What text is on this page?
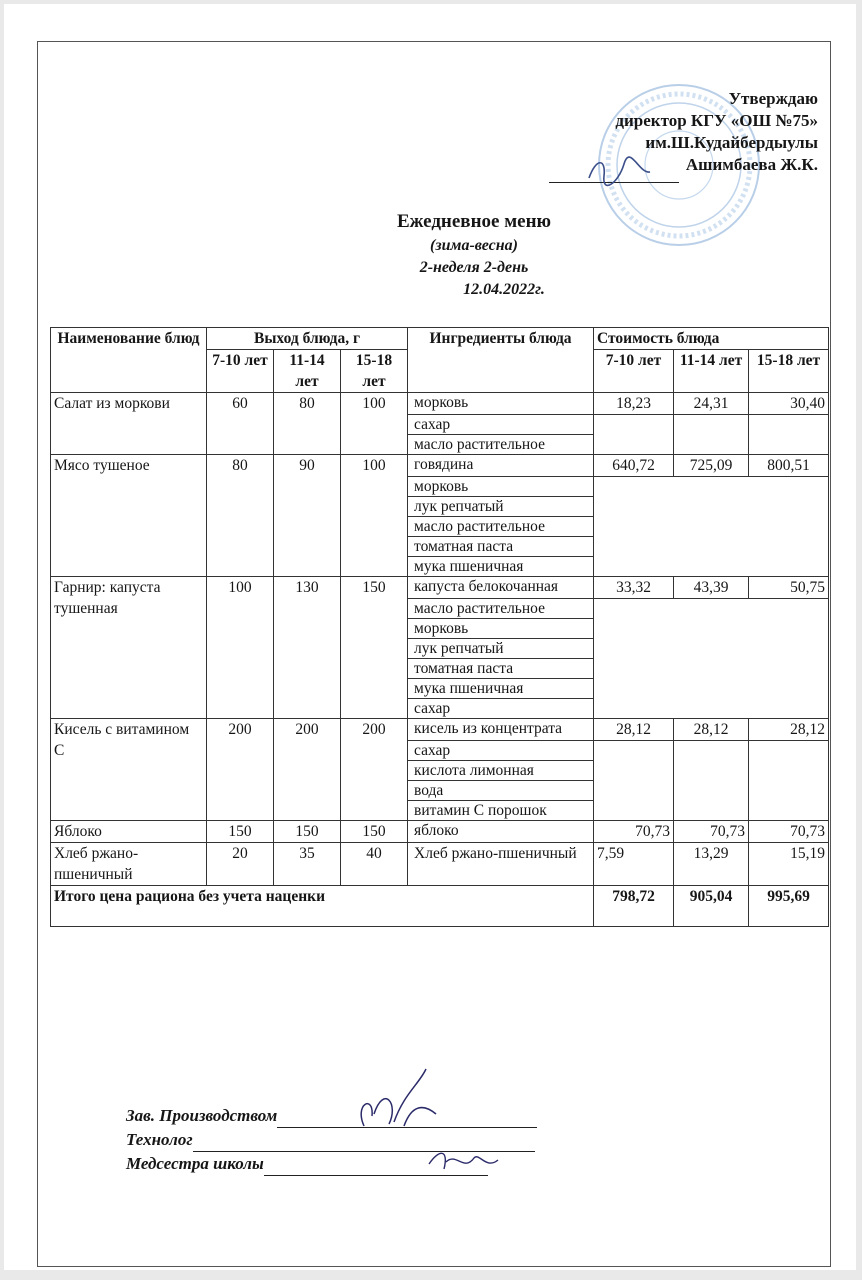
Утверждаю
директор КГУ «ОШ №75»
им.Ш.Кудайбердыулы
Ашимбаева Ж.К.
Ежедневное меню
(зима-весна)
2-неделя 2-день
12.04.2022г.
Наименование блюд	Выход блюда, г			Ингредиенты блюда	Стоимость блюда		
	7-10 лет	11-14 лет	15-18 лет		7-10 лет	11-14 лет	15-18 лет
Салат из моркови	60	80	100	морковь	18,23	24,31	30,40
				сахар			
				масло растительное			
Мясо тушеное	80	90	100	говядина	640,72	725,09	800,51
				морковь			
				лук репчатый			
				масло растительное			
				томатная паста			
				мука пшеничная			
Гарнир: капуста тушенная	100	130	150	капуста белокочанная	33,32	43,39	50,75
				масло растительное			
				морковь			
				лук репчатый			
				томатная паста			
				мука пшеничная			
				сахар			
Кисель с витамином С	200	200	200	кисель из концентрата	28,12	28,12	28,12
				сахар			
				кислота лимонная			
				вода			
				витамин С порошок			
Яблоко	150	150	150	яблоко	70,73	70,73	70,73
Хлеб ржано-пшеничный	20	35	40	Хлеб ржано-пшеничный	7,59	13,29	15,19
Итого цена рациона без учета наценки					798,72	905,04	995,69
Зав. Производством
Технолог
Медсестра школы
